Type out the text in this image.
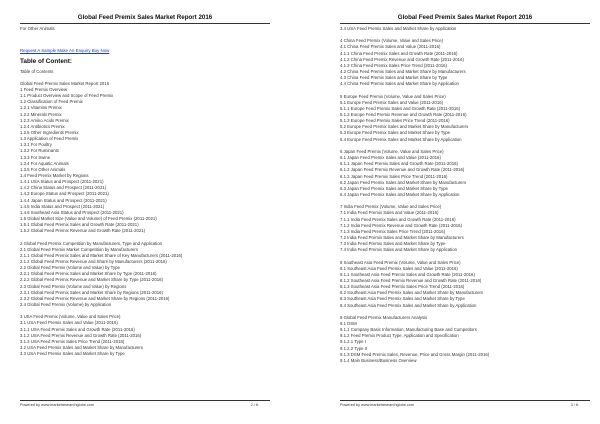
Global Feed Premix Sales Market Report 2016
For Other Animals
Request A Sample Make An Enquiry Buy Now
Table of Content:
Table of Contents
Global Feed Premix Sales Market Report 2016
1 Feed Premix Overview
1.1 Product Overview and Scope of Feed Premix
1.2 Classification of Feed Premix
1.2.1 Vitamins Premix
1.2.2 Minerals Premix
1.2.3 Amino Acids Premix
1.2.4 Antibiotics Premix
1.2.5 Other Ingredients Premix
1.3 Application of Feed Premix
1.3.1 For Poultry
1.3.2 For Ruminants
1.3.3 For Swine
1.3.4 For Aquatic Animals
1.3.5 For Other Animals
1.4 Feed Premix Market by Regions
1.4.1 USA Status and Prospect (2011-2021)
1.4.2 China Status and Prospect (2011-2021)
1.4.3 Europe Status and Prospect (2011-2021)
1.4.4 Japan Status and Prospect (2011-2021)
1.4.5 India Status and Prospect (2011-2021)
1.4.6 Southeast Asia Status and Prospect (2011-2021)
1.5 Global Market Size (Value and Volume) of Feed Premix (2011-2021)
1.5.1 Global Feed Premix Sales and Growth Rate (2011-2021)
1.5.2 Global Feed Premix Revenue and Growth Rate (2011-2021)
2 Global Feed Premix Competition by Manufacturers, Type and Application
2.1 Global Feed Premix Market Competition by Manufacturers
2.1.1 Global Feed Premix Sales and Market Share of Key Manufacturers (2011-2016)
2.1.2 Global Feed Premix Revenue and Share by Manufacturers (2011-2016)
2.2 Global Feed Premix (Volume and Value) by Type
2.2.1 Global Feed Premix Sales and Market Share by Type (2011-2016)
2.2.2 Global Feed Premix Revenue and Market Share by Type (2011-2016)
2.3 Global Feed Premix (Volume and Value) by Regions
2.3.1 Global Feed Premix Sales and Market Share by Regions (2011-2016)
2.3.2 Global Feed Premix Revenue and Market Share by Regions (2011-2016)
2.4 Global Feed Premix (Volume) by Application
3 USA Feed Premix (Volume, Value and Sales Price)
3.1 USA Feed Premix Sales and Value (2011-2016)
3.1.1 USA Feed Premix Sales and Growth Rate (2011-2016)
3.1.2 USA Feed Premix Revenue and Growth Rate (2011-2016)
3.1.3 USA Feed Premix Sales Price Trend (2011-2016)
3.2 USA Feed Premix Sales and Market Share by Manufacturers
3.3 USA Feed Premix Sales and Market Share by Type
Powered by www.marketresearchglobe.com	2 / 6
Global Feed Premix Sales Market Report 2016
3.4 USA Feed Premix Sales and Market Share by Application
4 China Feed Premix (Volume, Value and Sales Price)
4.1 China Feed Premix Sales and Value (2011-2016)
4.1.1 China Feed Premix Sales and Growth Rate (2011-2016)
4.1.2 China Feed Premix Revenue and Growth Rate (2011-2016)
4.1.3 China Feed Premix Sales Price Trend (2011-2016)
4.2 China Feed Premix Sales and Market Share by Manufacturers
4.3 China Feed Premix Sales and Market Share by Type
4.4 China Feed Premix Sales and Market Share by Application
5 Europe Feed Premix (Volume, Value and Sales Price)
5.1 Europe Feed Premix Sales and Value (2011-2016)
5.1.1 Europe Feed Premix Sales and Growth Rate (2011-2016)
5.1.2 Europe Feed Premix Revenue and Growth Rate (2011-2016)
5.1.3 Europe Feed Premix Sales Price Trend (2011-2016)
5.2 Europe Feed Premix Sales and Market Share by Manufacturers
5.3 Europe Feed Premix Sales and Market Share by Type
5.4 Europe Feed Premix Sales and Market Share by Application
6 Japan Feed Premix (Volume, Value and Sales Price)
6.1 Japan Feed Premix Sales and Value (2011-2016)
6.1.1 Japan Feed Premix Sales and Growth Rate (2011-2016)
6.1.2 Japan Feed Premix Revenue and Growth Rate (2011-2016)
6.1.3 Japan Feed Premix Sales Price Trend (2011-2016)
6.2 Japan Feed Premix Sales and Market Share by Manufacturers
6.3 Japan Feed Premix Sales and Market Share by Type
6.4 Japan Feed Premix Sales and Market Share by Application
7 India Feed Premix (Volume, Value and Sales Price)
7.1 India Feed Premix Sales and Value (2011-2016)
7.1.1 India Feed Premix Sales and Growth Rate (2011-2016)
7.1.2 India Feed Premix Revenue and Growth Rate (2011-2016)
7.1.3 India Feed Premix Sales Price Trend (2011-2016)
7.2 India Feed Premix Sales and Market Share by Manufacturers
7.3 India Feed Premix Sales and Market Share by Type
7.4 India Feed Premix Sales and Market Share by Application
8 Southeast Asia Feed Premix (Volume, Value and Sales Price)
8.1 Southeast Asia Feed Premix Sales and Value (2011-2016)
8.1.1 Southeast Asia Feed Premix Sales and Growth Rate (2011-2016)
8.1.2 Southeast Asia Feed Premix Revenue and Growth Rate (2011-2016)
8.1.3 Southeast Asia Feed Premix Sales Price Trend (2011-2016)
8.2 Southeast Asia Feed Premix Sales and Market Share by Manufacturers
8.3 Southeast Asia Feed Premix Sales and Market Share by Type
8.4 Southeast Asia Feed Premix Sales and Market Share by Application
9 Global Feed Premix Manufacturers Analysis
9.1 DSM
9.1.1 Company Basic Information, Manufacturing Base and Competitors
9.1.2 Feed Premix Product Type, Application and Specification
9.1.2.1 Type I
9.1.2.2 Type II
9.1.3 DSM Feed Premix Sales, Revenue, Price and Gross Margin (2011-2016)
9.1.4 Main Business/Business Overview
Powered by www.marketresearchglobe.com	3 / 6
